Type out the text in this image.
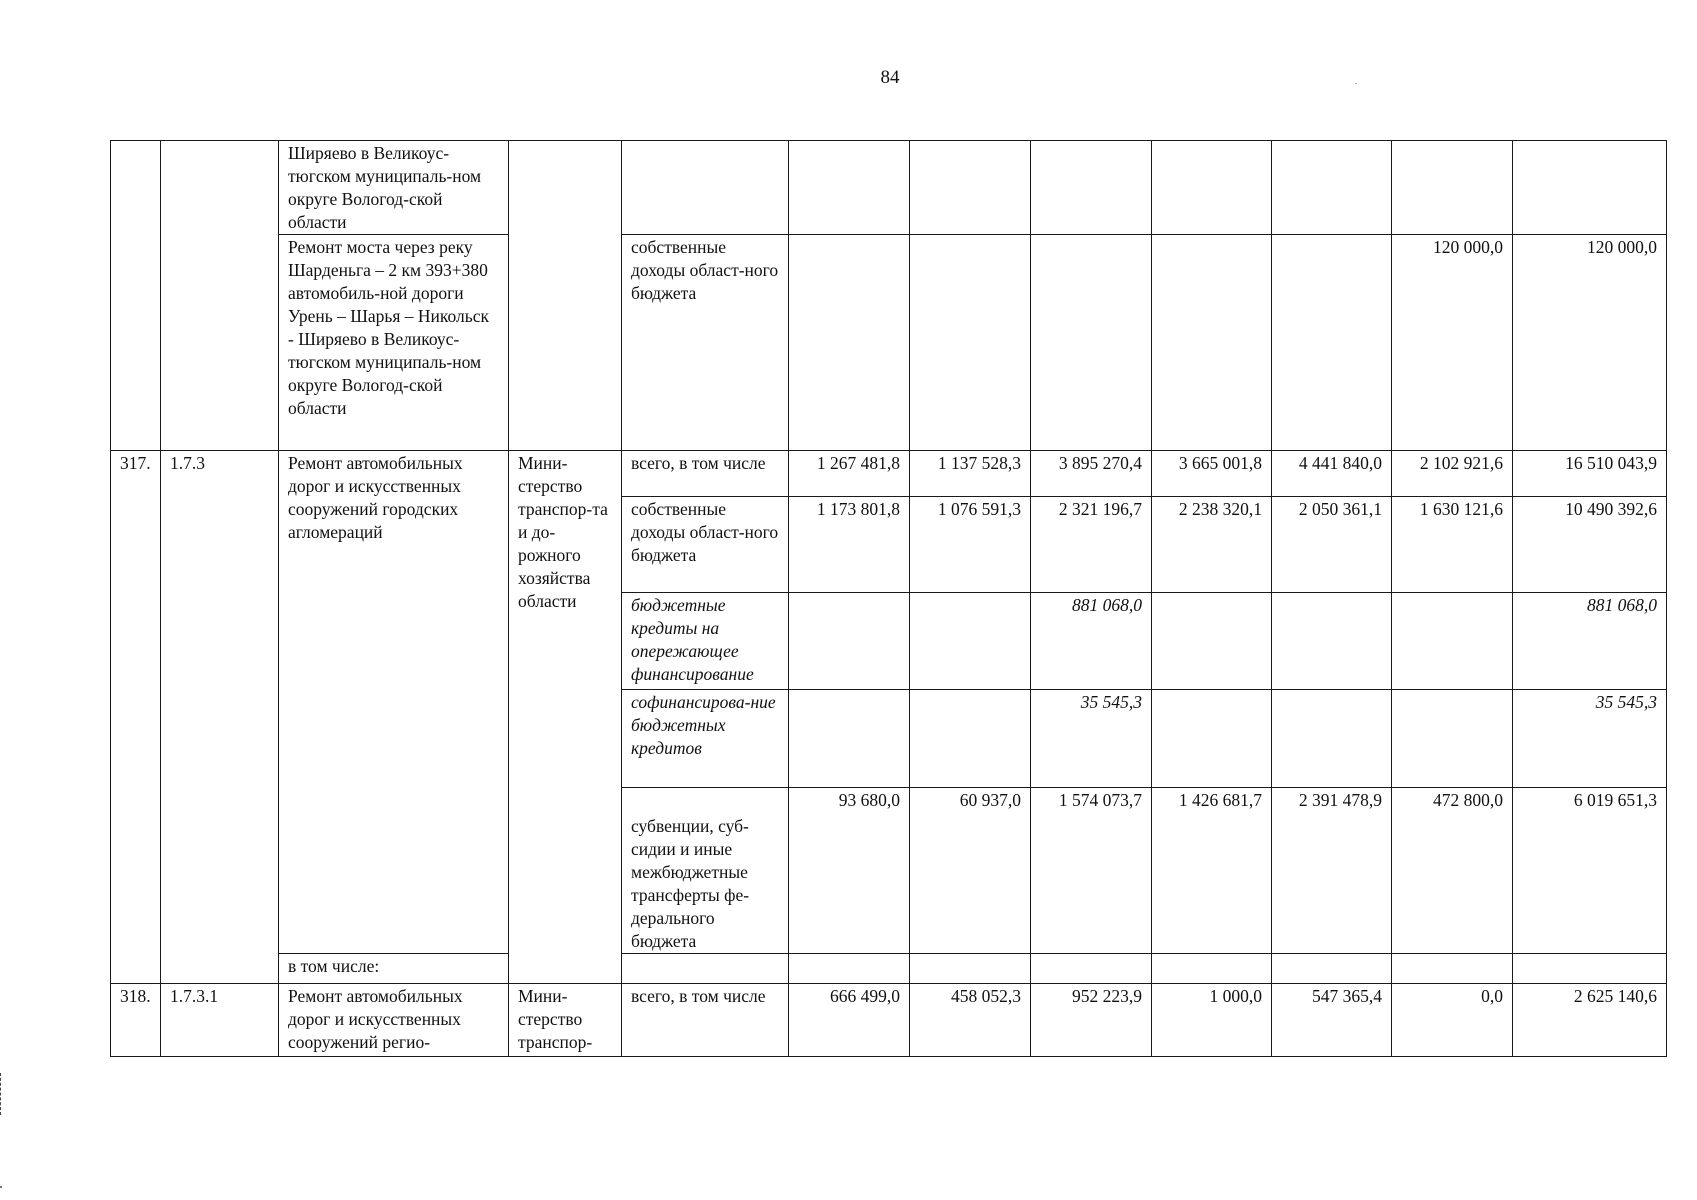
84
		Ширяево в Великоус-тюгском муниципаль-ном округе Вологод-ской области									
		Ремонт моста через реку Шарденьга – 2 км 393+380 автомобиль-ной дороги Урень – Шарья – Никольск - Ширяево в Великоус-тюгском муниципаль-ном округе Вологод-ской области		собственные доходы област-ного бюджета						120 000,0	120 000,0
317.	1.7.3	Ремонт автомобильных дорог и искусственных сооружений городских агломераций	Мини-стерство транспор-та и до-рожного хозяйства области	всего, в том числе	1 267 481,8	1 137 528,3	3 895 270,4	3 665 001,8	4 441 840,0	2 102 921,6	16 510 043,9
				собственные доходы област-ного бюджета	1 173 801,8	1 076 591,3	2 321 196,7	2 238 320,1	2 050 361,1	1 630 121,6	10 490 392,6
				бюджетные кредиты на опережающее финансирование			881 068,0				881 068,0
				софинансирова-ние бюджетных кредитов			35 545,3				35 545,3
				субвенции, суб-сидии и иные межбюджетные трансферты фе-дерального бюджета	93 680,0	60 937,0	1 574 073,7	1 426 681,7	2 391 478,9	472 800,0	6 019 651,3
		в том числе:									
318.	1.7.3.1	Ремонт автомобильных дорог и искусственных сооружений регио-	Мини-стерство транспор-	всего, в том числе	666 499,0	458 052,3	952 223,9	1 000,0	547 365,4	0,0	2 625 140,6
